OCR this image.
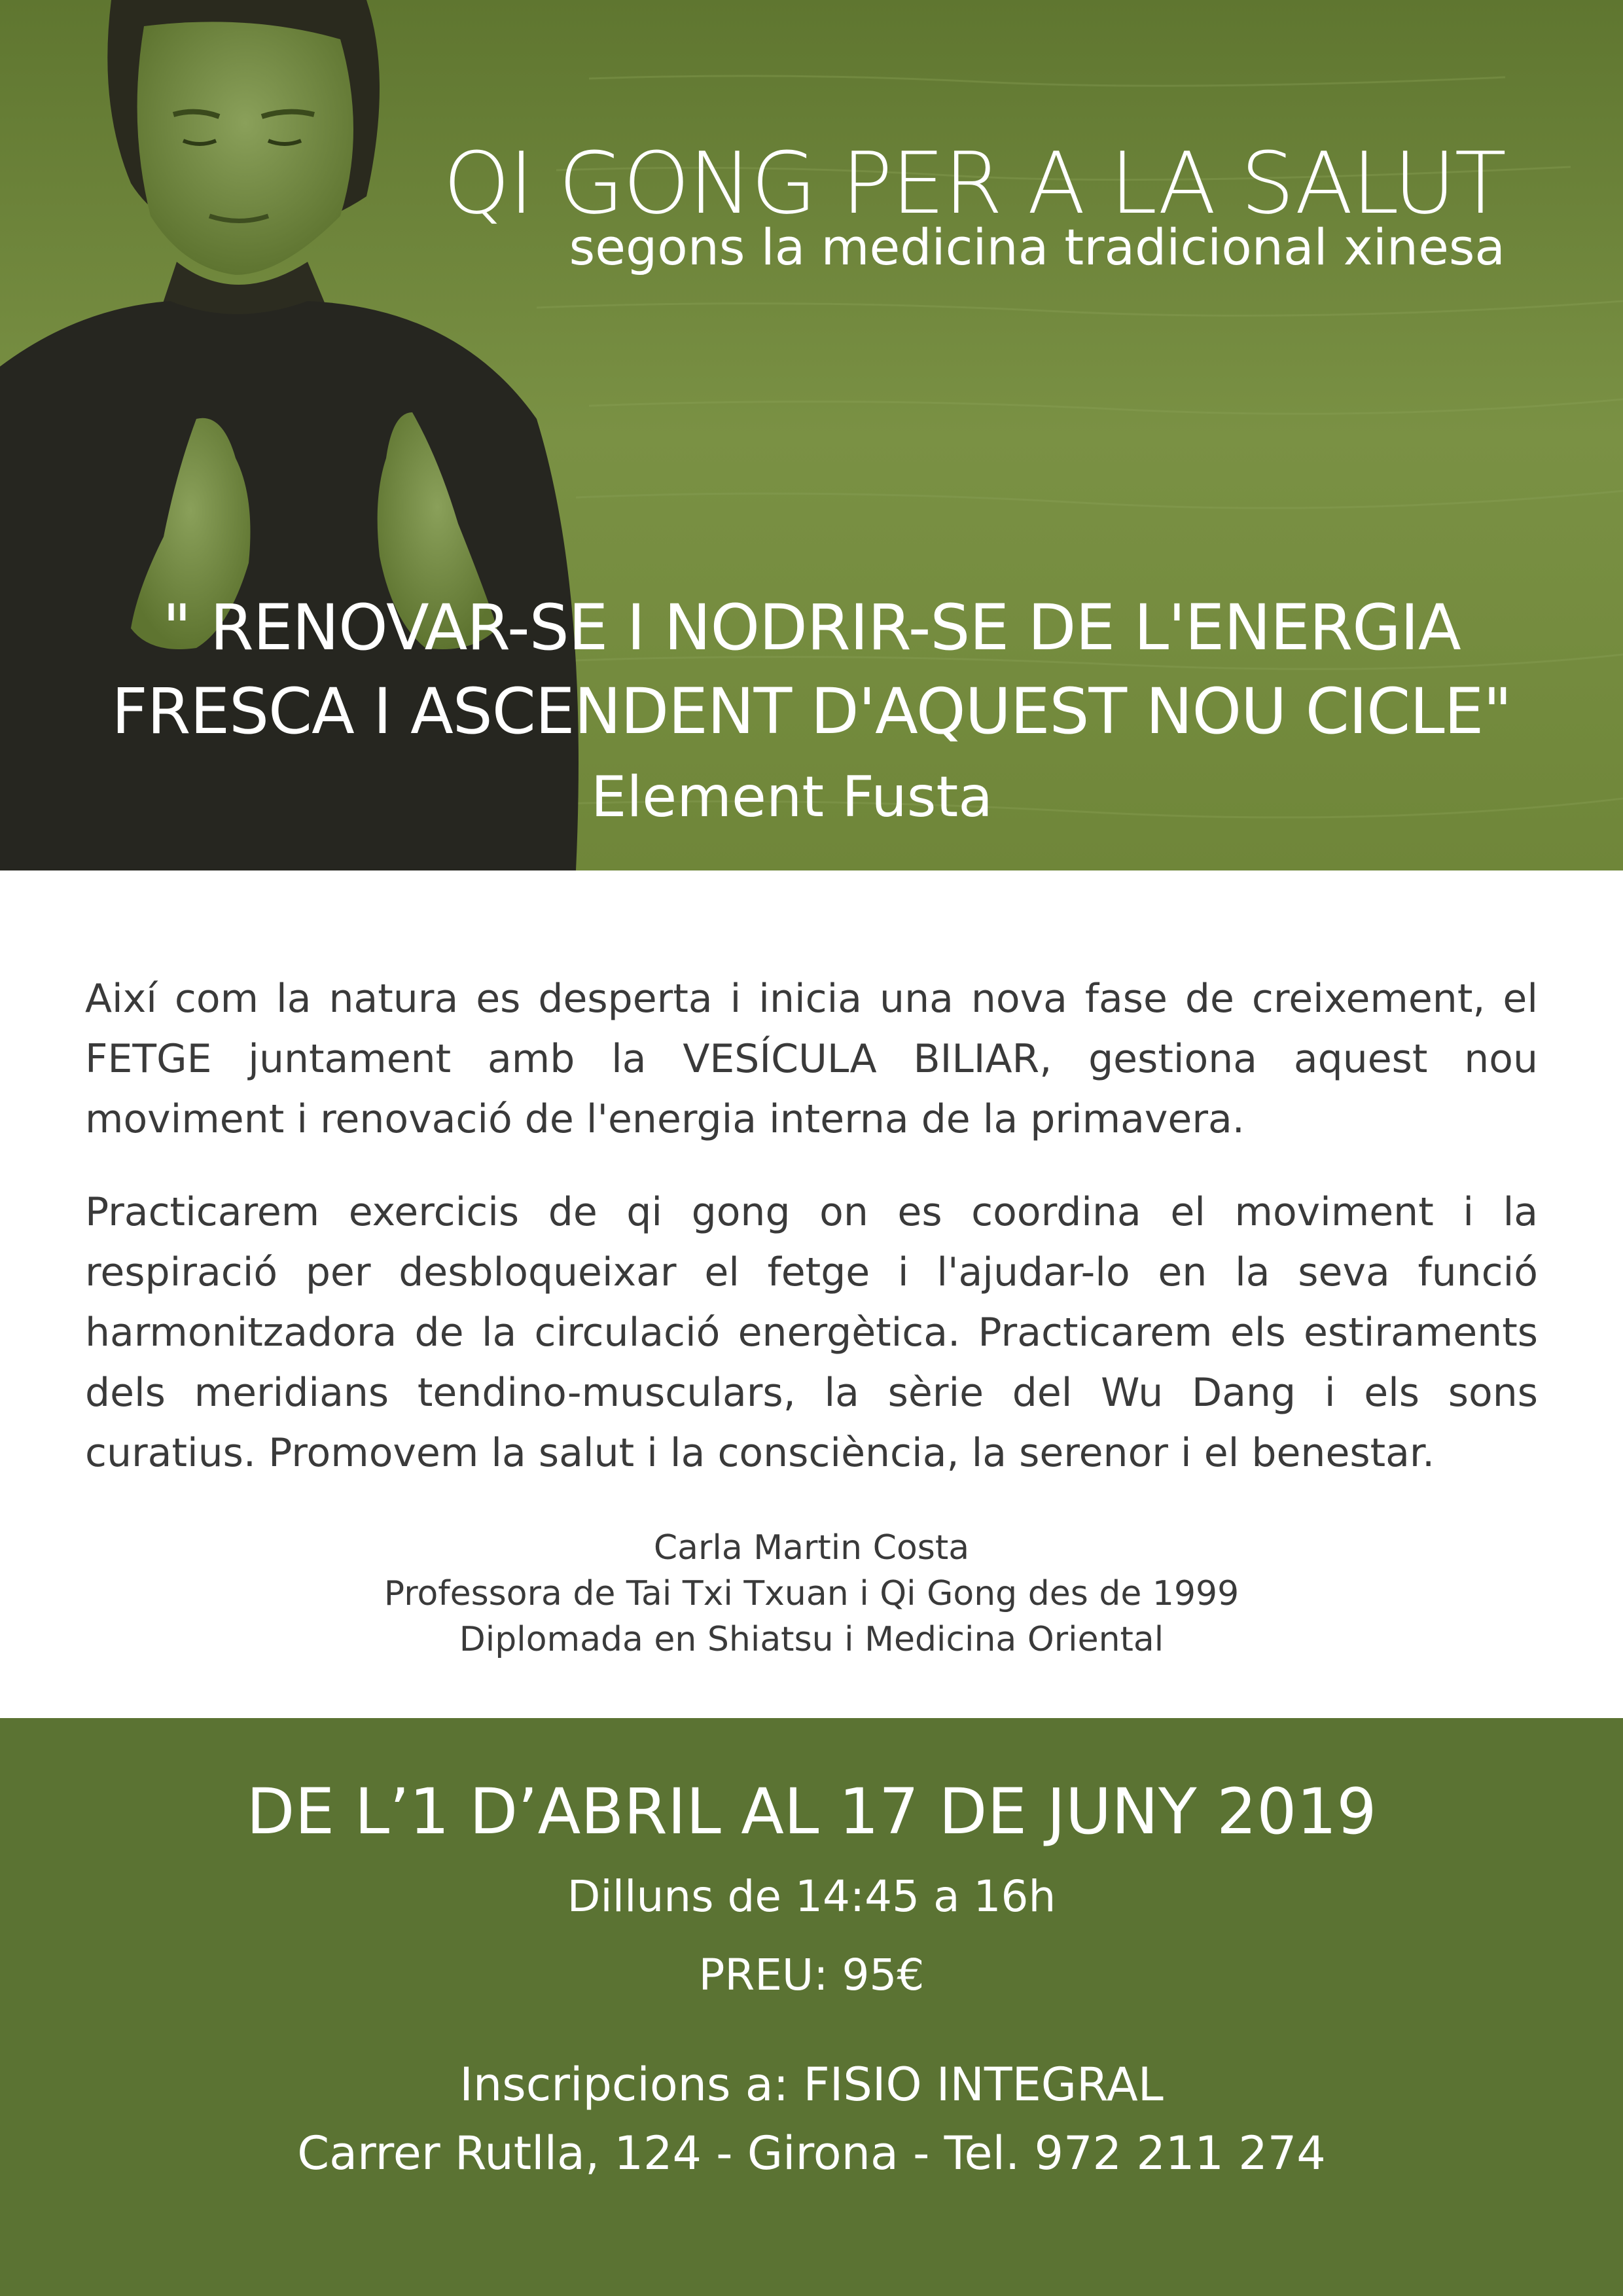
QI GONG PER A LA SALUT
segons la medicina tradicional xinesa
" RENOVAR-SE I NODRIR-SE DE L'ENERGIA
FRESCA I ASCENDENT D'AQUEST NOU CICLE"
Element Fusta

Així com la natura es desperta i inicia una nova fase de creixement, el FETGE juntament amb la VESÍCULA BILIAR, gestiona aquest nou moviment i renovació de l'energia interna de la primavera.

Practicarem exercicis de qi gong on es coordina el moviment i la respiració per desbloqueixar el fetge i l'ajudar-lo en la seva funció harmonitzadora de la circulació energètica. Practicarem els estiraments dels meridians tendino-musculars, la sèrie del Wu Dang i els sons curatius. Promovem la salut i la consciència, la serenor i el benestar.

Carla Martin Costa
Professora de Tai Txi Txuan i Qi Gong des de 1999
Diplomada en Shiatsu i Medicina Oriental
DE L’1 D’ABRIL AL 17 DE JUNY 2019
Dilluns de 14:45 a 16h
PREU: 95€
Inscripcions a: FISIO INTEGRAL
Carrer Rutlla, 124 - Girona - Tel. 972 211 274
